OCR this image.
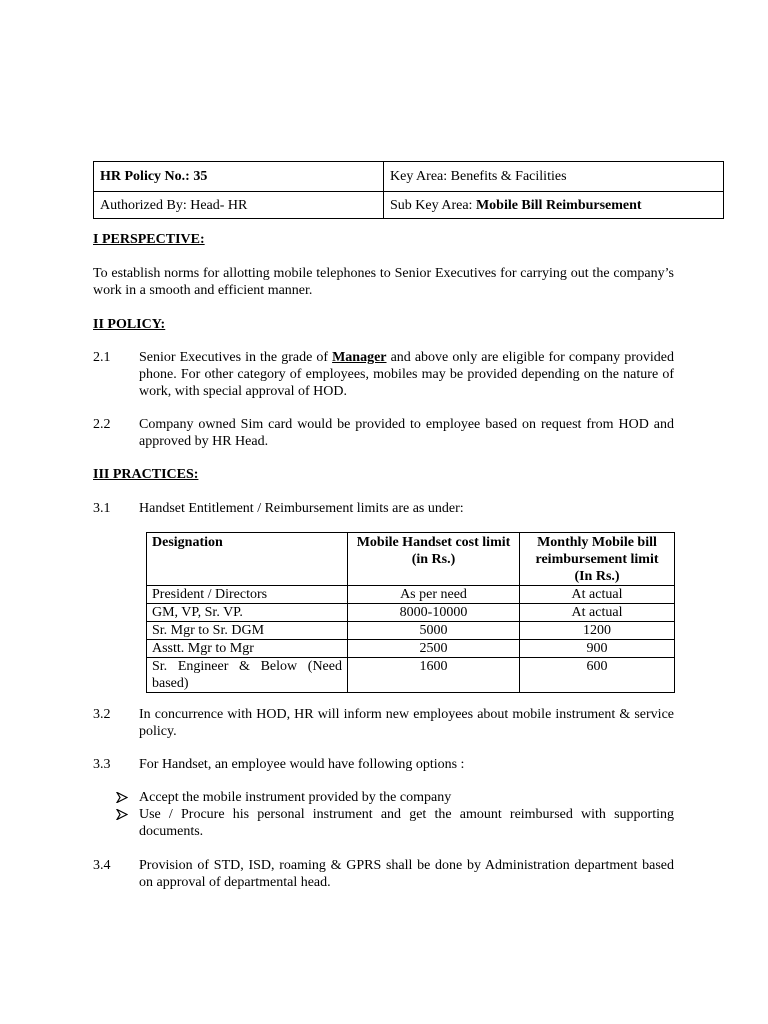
HR Policy No.: 35	Key Area: Benefits & Facilities
Authorized By: Head- HR	Sub Key Area: Mobile Bill Reimbursement
I PERSPECTIVE:
To establish norms for allotting mobile telephones to Senior Executives for carrying out the company’s work in a smooth and efficient manner.
II POLICY:
2.1 Senior Executives in the grade of Manager and above only are eligible for company provided phone. For other category of employees, mobiles may be provided depending on the nature of work, with special approval of HOD.
2.2 Company owned Sim card would be provided to employee based on request from HOD and approved by HR Head.
III PRACTICES:
3.1 Handset Entitlement / Reimbursement limits are as under:
Designation	Mobile Handset cost limit (in Rs.)	Monthly Mobile bill reimbursement limit (In Rs.)
President / Directors	As per need	At actual
GM, VP, Sr. VP.	8000-10000	At actual
Sr. Mgr to Sr. DGM	5000	1200
Asstt. Mgr to Mgr	2500	900
Sr. Engineer & Below (Need based)	1600	600
3.2 In concurrence with HOD, HR will inform new employees about mobile instrument & service policy.
3.3 For Handset, an employee would have following options :
Accept the mobile instrument provided by the company
Use / Procure his personal instrument and get the amount reimbursed with supporting documents.
3.4 Provision of STD, ISD, roaming & GPRS shall be done by Administration department based on approval of departmental head.
